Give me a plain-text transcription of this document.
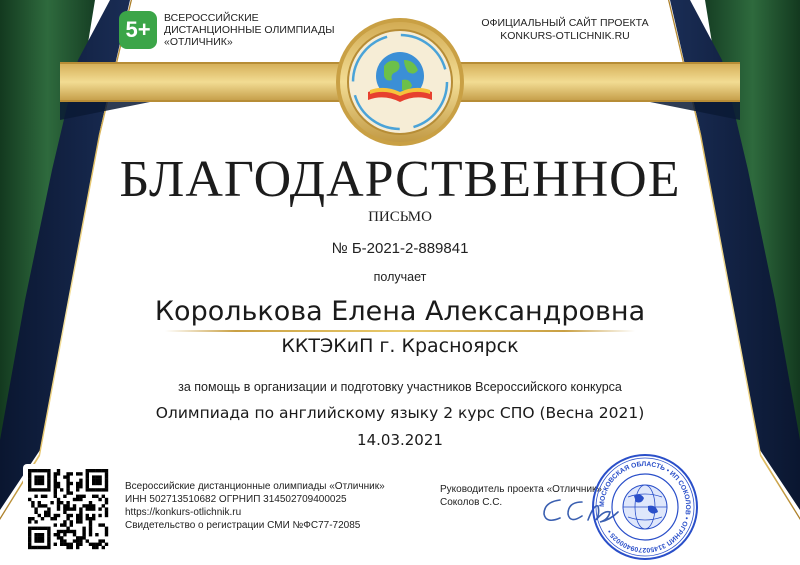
5+	ВСЕРОССИЙСКИЕ
ДИСТАНЦИОННЫЕ ОЛИМПИАДЫ
«ОТЛИЧНИК»
ОФИЦИАЛЬНЫЙ САЙТ ПРОЕКТА
KONKURS-OTLICHNIK.RU
БЛАГОДАРСТВЕННОЕ
ПИСЬМО
№ Б-2021-2-889841
получает
Королькова Елена Александровна
ККТЭКиП г. Красноярск
за помощь в организации и подготовку участников Всероссийского конкурса
Олимпиада по английскому языку 2 курс СПО (Весна 2021)
14.03.2021
Всероссийские дистанционные олимпиады «Отличник»
ИНН 502713510682 ОГРНИП 314502709400025
https://konkurs-otlichnik.ru
Свидетельство о регистрации СМИ №ФС77-72085
Руководитель проекта «Отличник»
Соколов С.С.	МОСКОВСКАЯ ОБЛАСТЬ • ИП СОКОЛОВ • ОГРНИП 314502709400025 •
